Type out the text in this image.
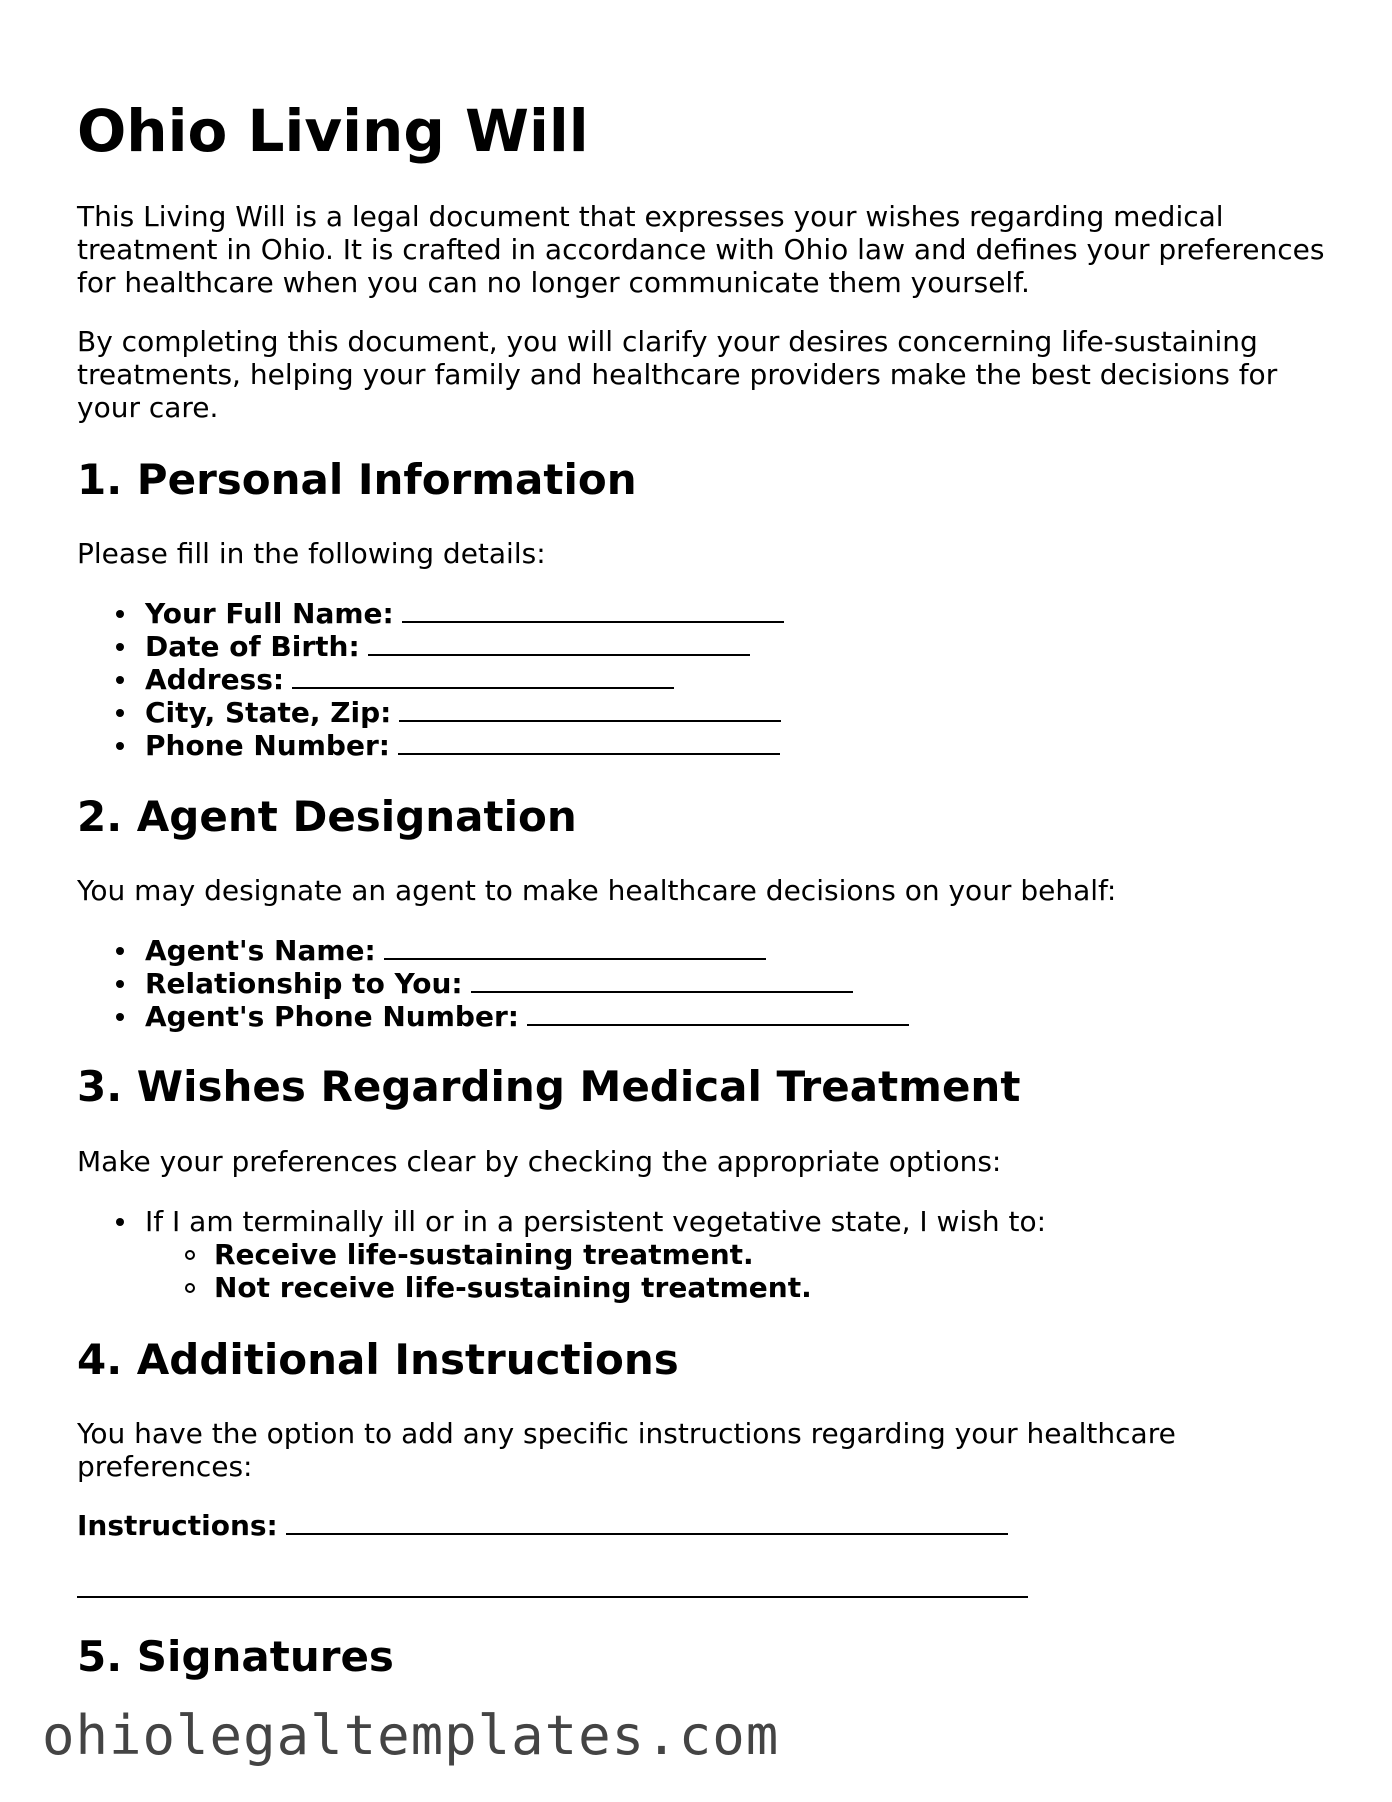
Ohio Living Will

This Living Will is a legal document that expresses your wishes regarding medical treatment in Ohio. It is crafted in accordance with Ohio law and defines your preferences for healthcare when you can no longer communicate them yourself.

By completing this document, you will clarify your desires concerning life-sustaining treatments, helping your family and healthcare providers make the best decisions for your care.

1. Personal Information

Please fill in the following details:

Your Full Name:
Date of Birth:
Address:
City, State, Zip:
Phone Number:
2. Agent Designation

You may designate an agent to make healthcare decisions on your behalf:

Agent's Name:
Relationship to You:
Agent's Phone Number:
3. Wishes Regarding Medical Treatment

Make your preferences clear by checking the appropriate options:

If I am terminally ill or in a persistent vegetative state, I wish to:
Receive life-sustaining treatment.
Not receive life-sustaining treatment.
4. Additional Instructions

You have the option to add any specific instructions regarding your healthcare preferences:

Instructions:

5. Signatures
ohiolegaltemplates.com
